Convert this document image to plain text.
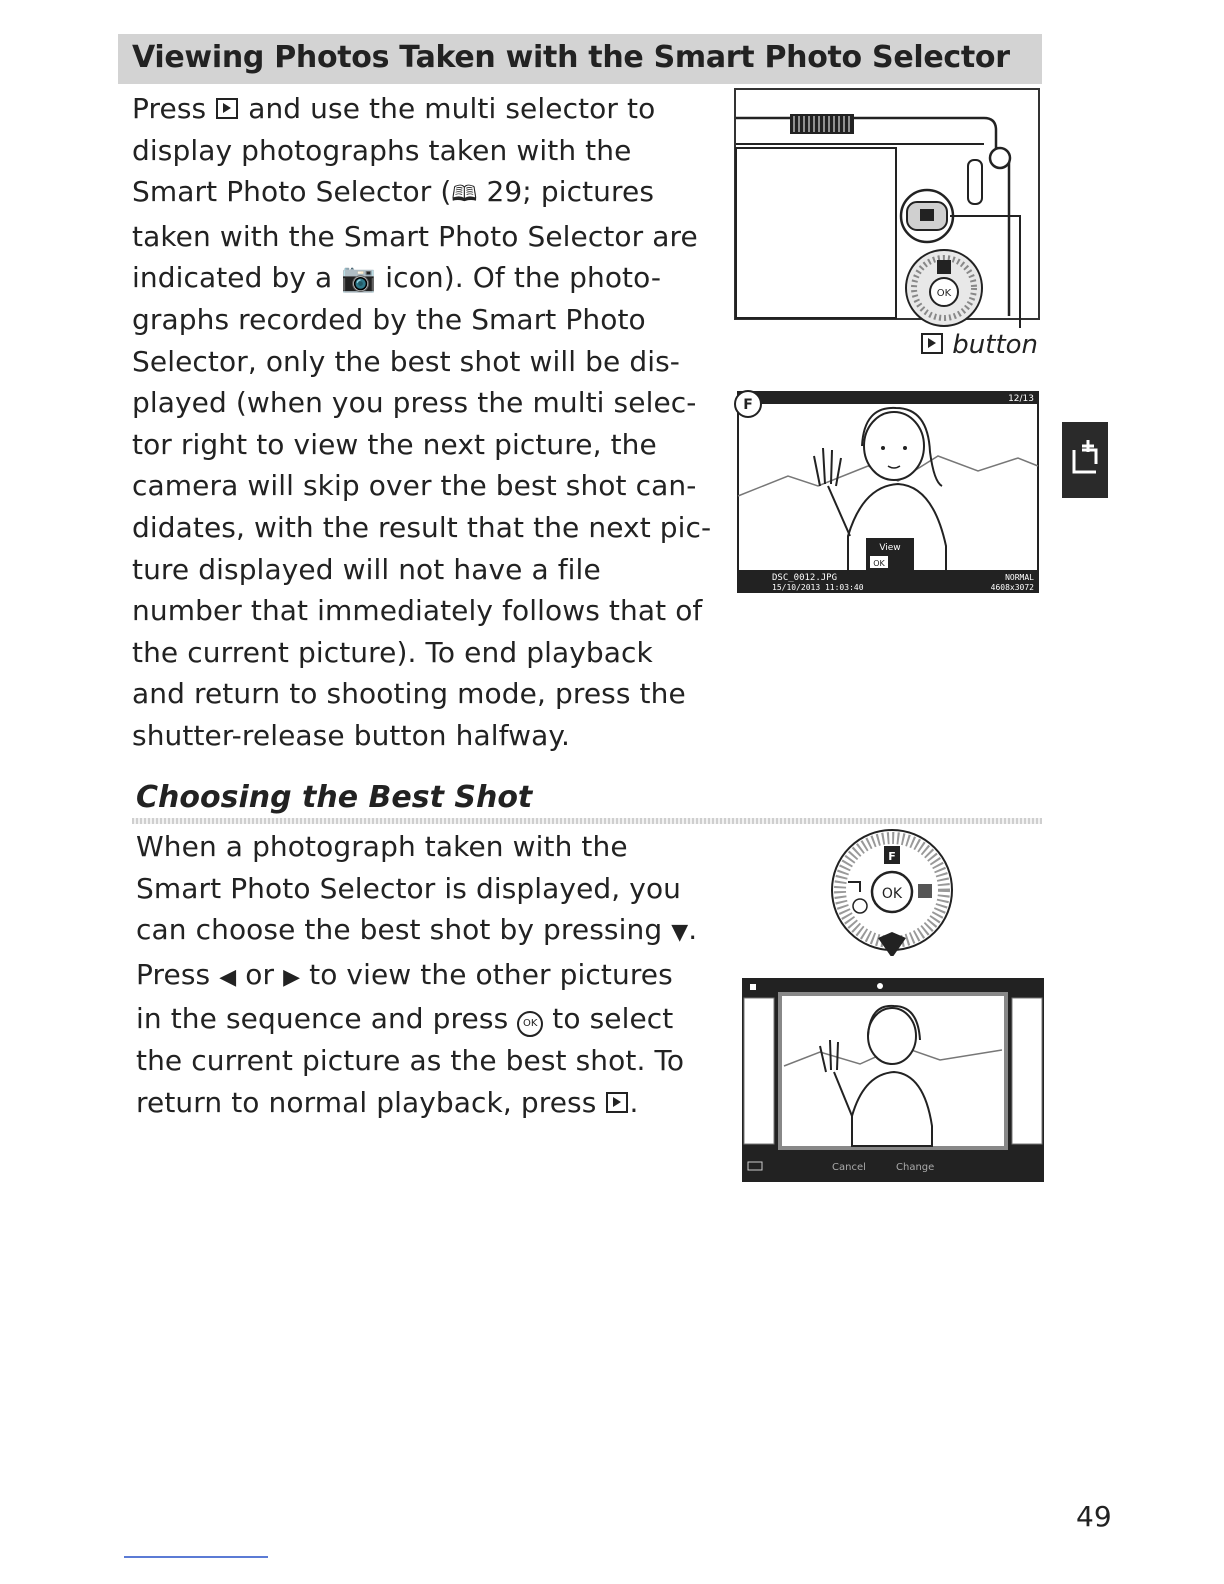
Viewing Photos Taken with the Smart Photo Selector
Press  and use the multi selector to
display photographs taken with the
Smart Photo Selector (🕮 29; pictures
taken with the Smart Photo Selector are
indicated by a 📷 icon). Of the photo-
graphs recorded by the Smart Photo
Selector, only the best shot will be dis-
played (when you press the multi selec-
tor right to view the next picture, the
camera will skip over the best shot can-
didates, with the result that the next pic-
ture displayed will not have a file
number that immediately follows that of
the current picture). To end playback
and return to shooting mode, press the
shutter-release button halfway.
OK
button
12/13
F
View
OK
DSC_0012.JPG
15/10/2013 11:03:40
NORMAL
4608x3072
Choosing the Best Shot
When a photograph taken with the
Smart Photo Selector is displayed, you
can choose the best shot by pressing ▼.
Press ◀ or ▶ to view the other pictures
in the sequence and press OK to select
the current picture as the best shot. To
return to normal playback, press .
OK
F
Cancel	Change
49
